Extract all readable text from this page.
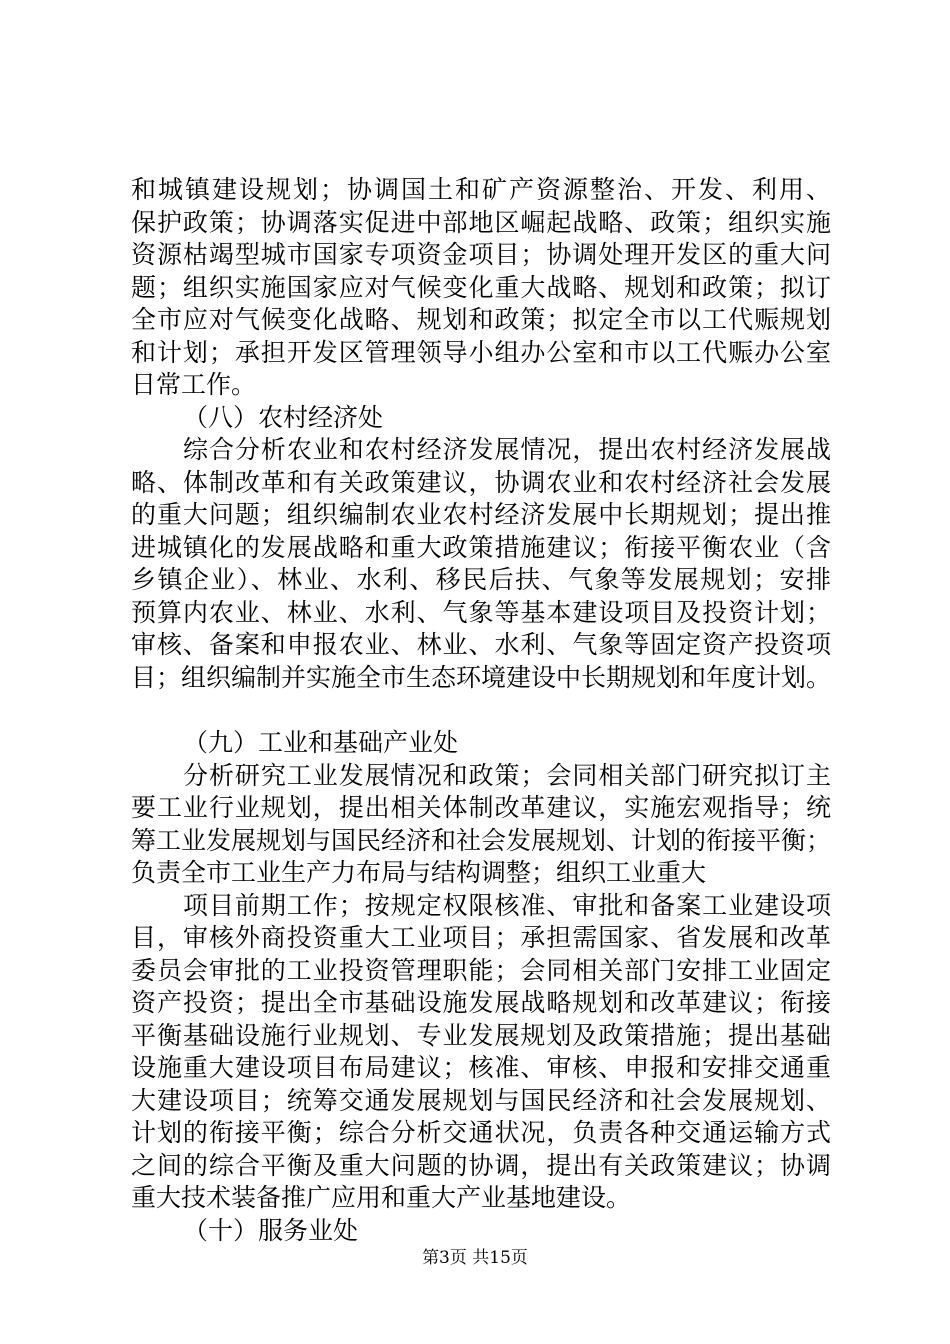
和城镇建设规划；协调国土和矿产资源整治、开发、利用、
保护政策；协调落实促进中部地区崛起战略、政策；组织实施
资源枯竭型城市国家专项资金项目；协调处理开发区的重大问
题；组织实施国家应对气候变化重大战略、规划和政策；拟订
全市应对气候变化战略、规划和政策；拟定全市以工代赈规划
和计划；承担开发区管理领导小组办公室和市以工代赈办公室
日常工作。
（八）农村经济处
综合分析农业和农村经济发展情况，提出农村经济发展战
略、体制改革和有关政策建议，协调农业和农村经济社会发展
的重大问题；组织编制农业农村经济发展中长期规划；提出推
进城镇化的发展战略和重大政策措施建议；衔接平衡农业（含
乡镇企业）、林业、水利、移民后扶、气象等发展规划；安排
预算内农业、林业、水利、气象等基本建设项目及投资计划；
审核、备案和申报农业、林业、水利、气象等固定资产投资项
目；组织编制并实施全市生态环境建设中长期规划和年度计划。
（九）工业和基础产业处
分析研究工业发展情况和政策；会同相关部门研究拟订主
要工业行业规划，提出相关体制改革建议，实施宏观指导；统
筹工业发展规划与国民经济和社会发展规划、计划的衔接平衡；
负责全市工业生产力布局与结构调整；组织工业重大
项目前期工作；按规定权限核准、审批和备案工业建设项
目，审核外商投资重大工业项目；承担需国家、省发展和改革
委员会审批的工业投资管理职能；会同相关部门安排工业固定
资产投资；提出全市基础设施发展战略规划和改革建议；衔接
平衡基础设施行业规划、专业发展规划及政策措施；提出基础
设施重大建设项目布局建议；核准、审核、申报和安排交通重
大建设项目；统筹交通发展规划与国民经济和社会发展规划、
计划的衔接平衡；综合分析交通状况，负责各种交通运输方式
之间的综合平衡及重大问题的协调，提出有关政策建议；协调
重大技术装备推广应用和重大产业基地建设。
（十）服务业处
第3页 共15页
